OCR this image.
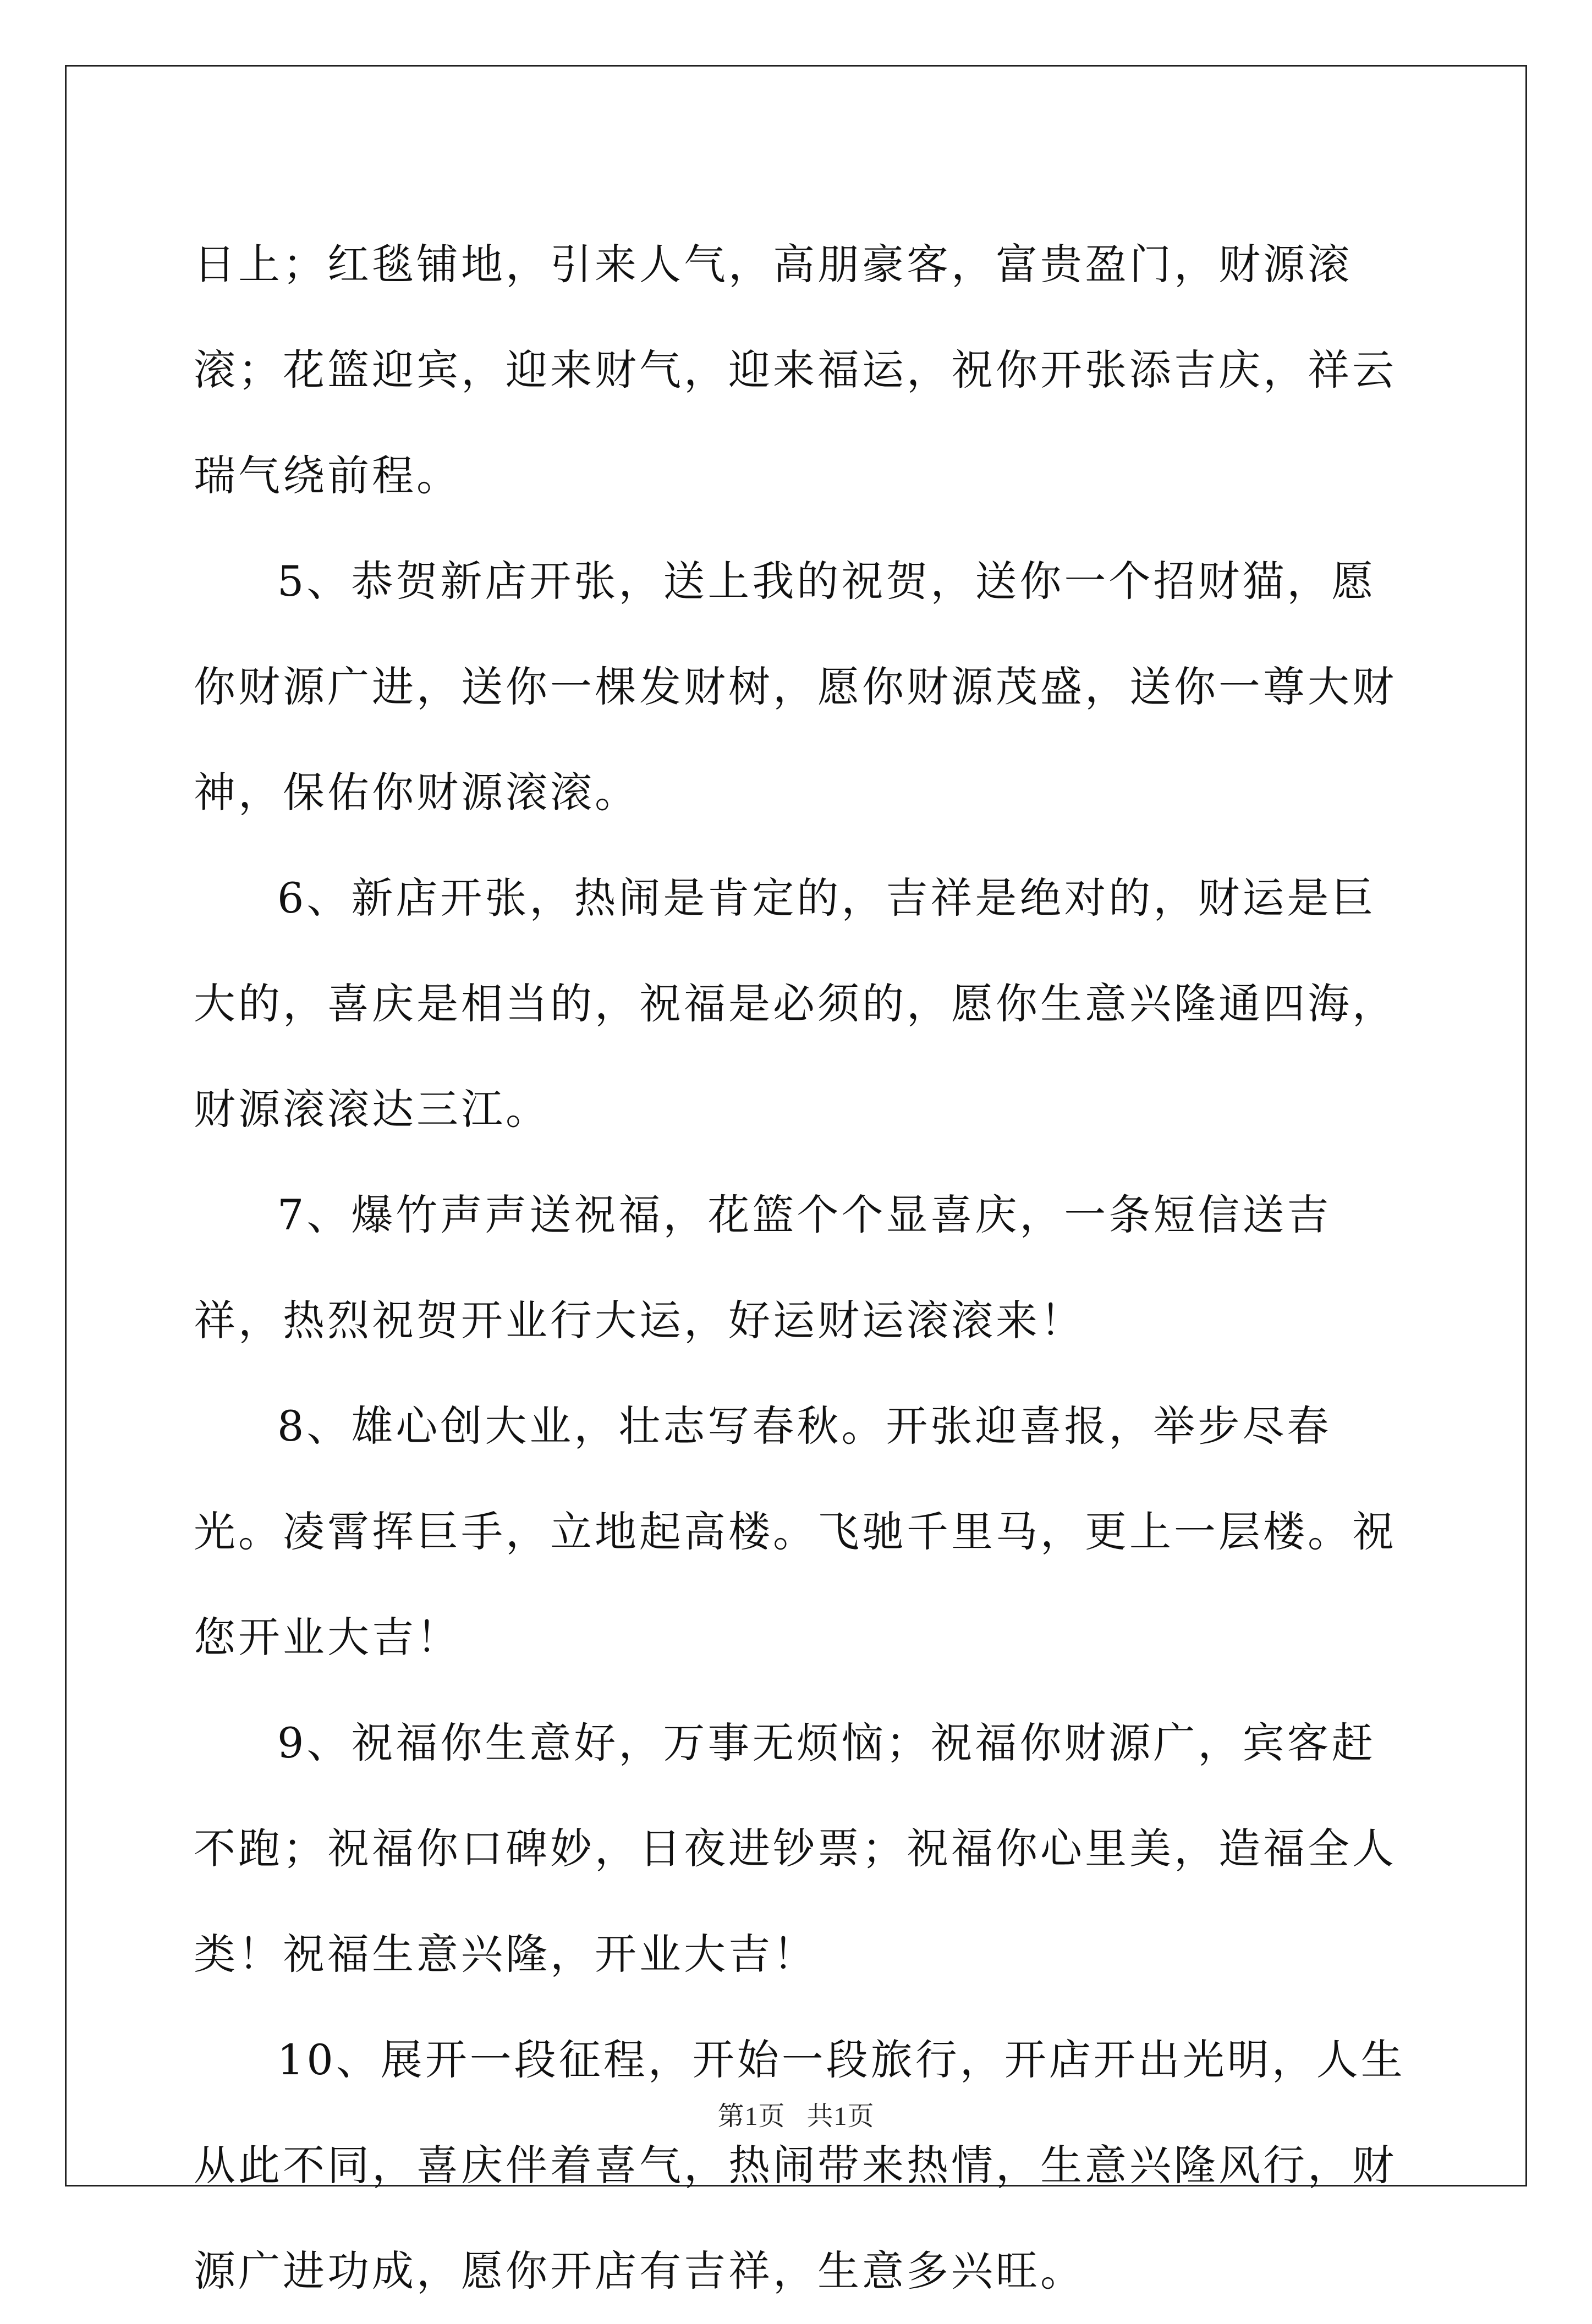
日上；红毯铺地，引来人气，高朋豪客，富贵盈门，财源滚滚；花篮迎宾，迎来财气，迎来福运，祝你开张添吉庆，祥云瑞气绕前程。

5、恭贺新店开张，送上我的祝贺，送你一个招财猫，愿你财源广进，送你一棵发财树，愿你财源茂盛，送你一尊大财神，保佑你财源滚滚。

6、新店开张，热闹是肯定的，吉祥是绝对的，财运是巨大的，喜庆是相当的，祝福是必须的，愿你生意兴隆通四海，财源滚滚达三江。

7、爆竹声声送祝福，花篮个个显喜庆，一条短信送吉祥，热烈祝贺开业行大运，好运财运滚滚来！

8、雄心创大业，壮志写春秋。开张迎喜报，举步尽春光。凌霄挥巨手，立地起高楼。飞驰千里马，更上一层楼。祝您开业大吉！

9、祝福你生意好，万事无烦恼；祝福你财源广，宾客赶不跑；祝福你口碑妙，日夜进钞票；祝福你心里美，造福全人类！祝福生意兴隆，开业大吉！

10、展开一段征程，开始一段旅行，开店开出光明，人生从此不同，喜庆伴着喜气，热闹带来热情，生意兴隆风行，财源广进功成，愿你开店有吉祥，生意多兴旺。

第1页 共1页
